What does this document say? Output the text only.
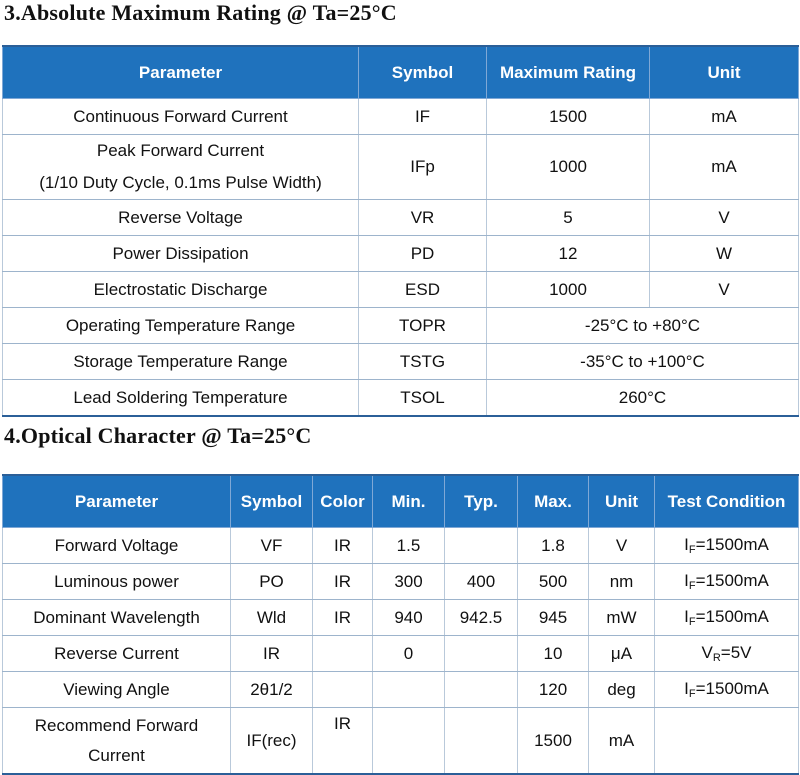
3.Absolute Maximum Rating @ Ta=25°C
Parameter	Symbol	Maximum Rating	Unit
Continuous Forward Current	IF	1500	mA

Peak Forward Current
(1/10 Duty Cycle, 0.1ms Pulse Width)	IFp	1000	mA
Reverse Voltage	VR	5	V
Power Dissipation	PD	12	W
Electrostatic Discharge	ESD	1000	V
Operating Temperature Range	TOPR	-25°C to +80°C	
Storage Temperature Range	TSTG	-35°C to +100°C	
Lead Soldering Temperature	TSOL	260°C	
4.Optical Character @ Ta=25°C
Parameter	Symbol	Color	Min.	Typ.	Max.	Unit	Test Condition
Forward Voltage	VF	IR	1.5		1.8	V	$I_F=1500mA$
Luminous power	PO	IR	300	400	500	nm	$I_F=1500mA$
Dominant Wavelength	Wld	IR	940	942.5	945	mW	$I_F=1500mA$
Reverse Current	IR		0		10	μA	$V_R=5V$
Viewing Angle	2θ1/2				120	deg	$I_F=1500mA$

Recommend Forward
Current	IF(rec)	IR			1500	mA	
